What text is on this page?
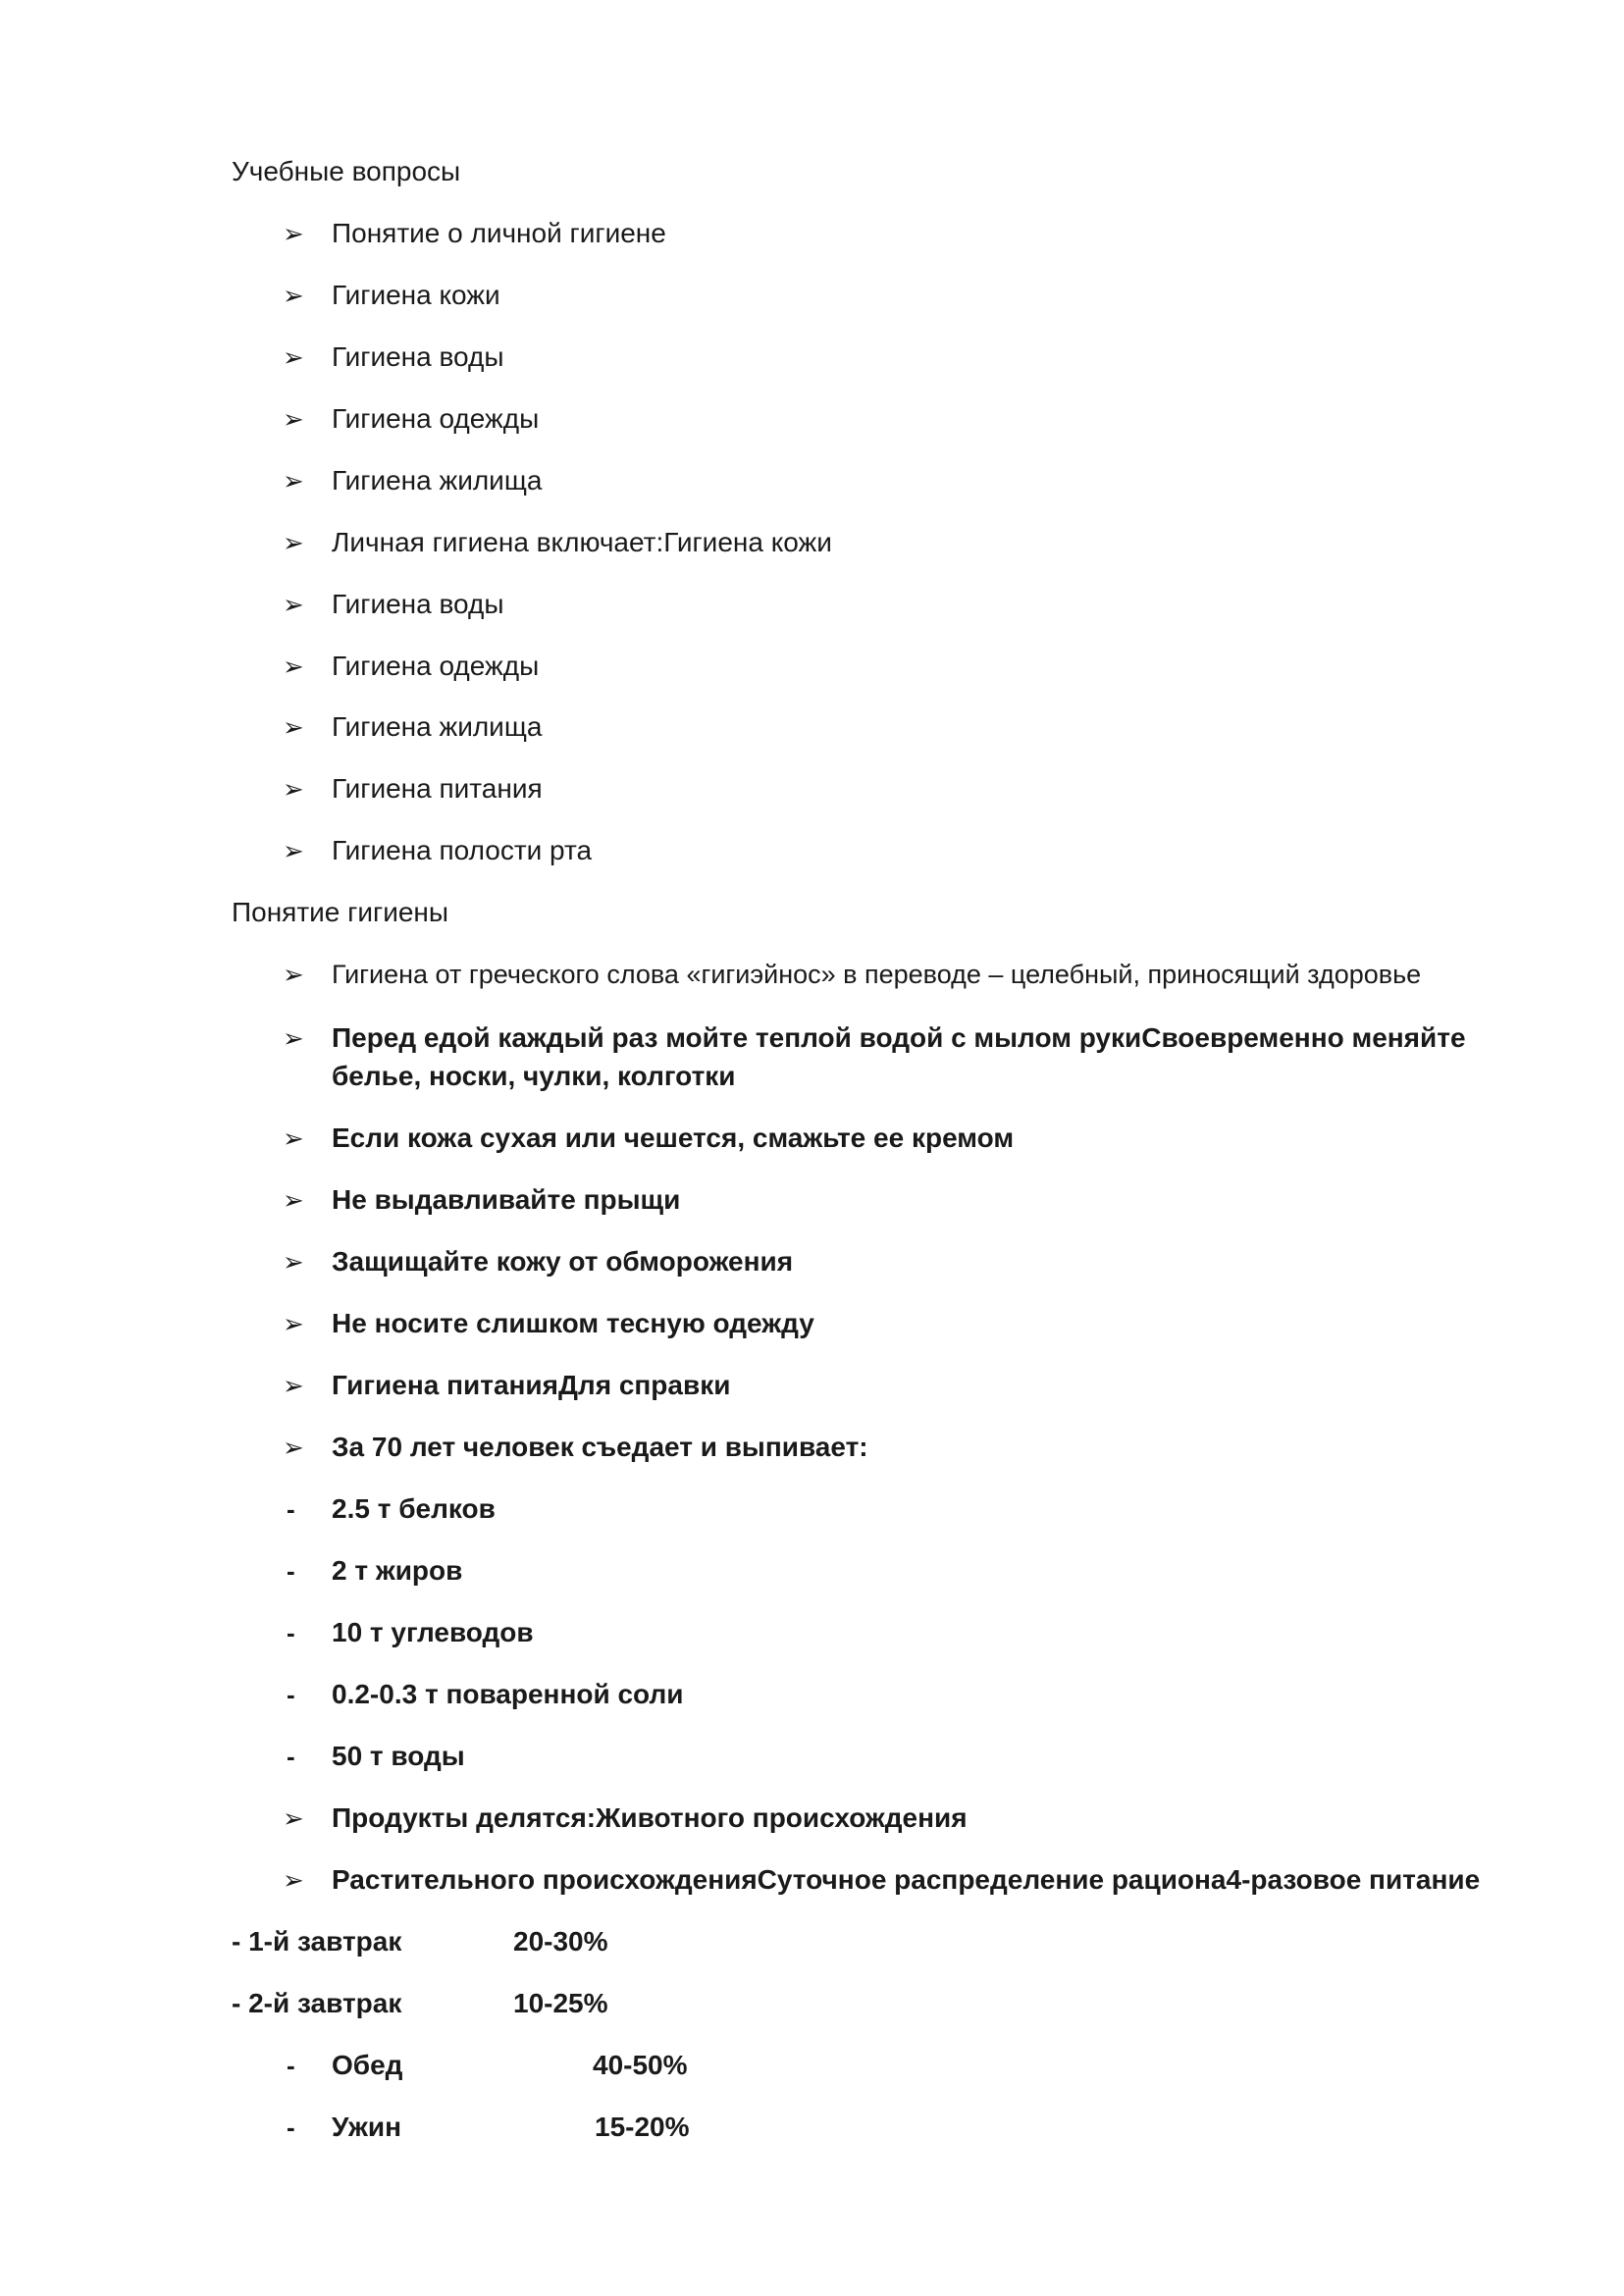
Учебные вопросы
➢ Понятие о личной гигиене
➢ Гигиена кожи
➢ Гигиена воды
➢ Гигиена одежды
➢ Гигиена жилища
➢ Личная гигиена включает:Гигиена кожи
➢ Гигиена воды
➢ Гигиена одежды
➢ Гигиена жилища
➢ Гигиена питания
➢ Гигиена полости рта
Понятие гигиены
➢ Гигиена от греческого слова «гигиэйнос» в переводе – целебный, приносящий здоровье
➢ Перед едой каждый раз мойте теплой водой с мылом рукиСвоевременно меняйте
белье, носки, чулки, колготки
➢ Если кожа сухая или чешется, смажьте ее кремом
➢ Не выдавливайте прыщи
➢ Защищайте кожу от обморожения
➢ Не носите слишком тесную одежду
➢ Гигиена питанияДля справки
➢ За 70 лет человек съедает и выпивает:
- 2.5 т белков
- 2 т жиров
- 10 т углеводов
- 0.2-0.3 т поваренной соли
- 50 т воды
➢ Продукты делятся:Животного происхождения
➢ Растительного происхожденияСуточное распределение рациона4-разовое питание
- 1-й завтрак	20-30%
- 2-й завтрак	10-25%
- Обед	40-50%
- Ужин	15-20%
